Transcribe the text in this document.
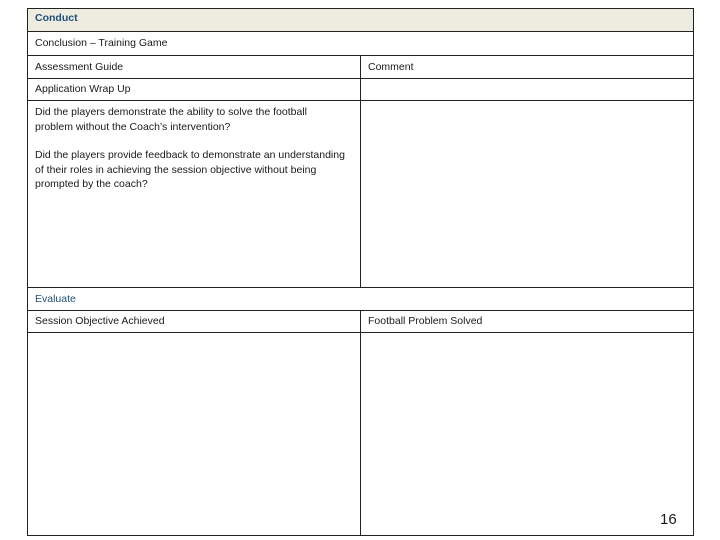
Conduct
Conclusion – Training Game
Assessment Guide	Comment
Application Wrap Up
Did the players demonstrate the ability to solve the football problem without the Coach’s intervention?
Did the players provide feedback to demonstrate an understanding of their roles in achieving the session objective without being prompted by the coach?
Evaluate
Session Objective Achieved	Football Problem Solved
16
